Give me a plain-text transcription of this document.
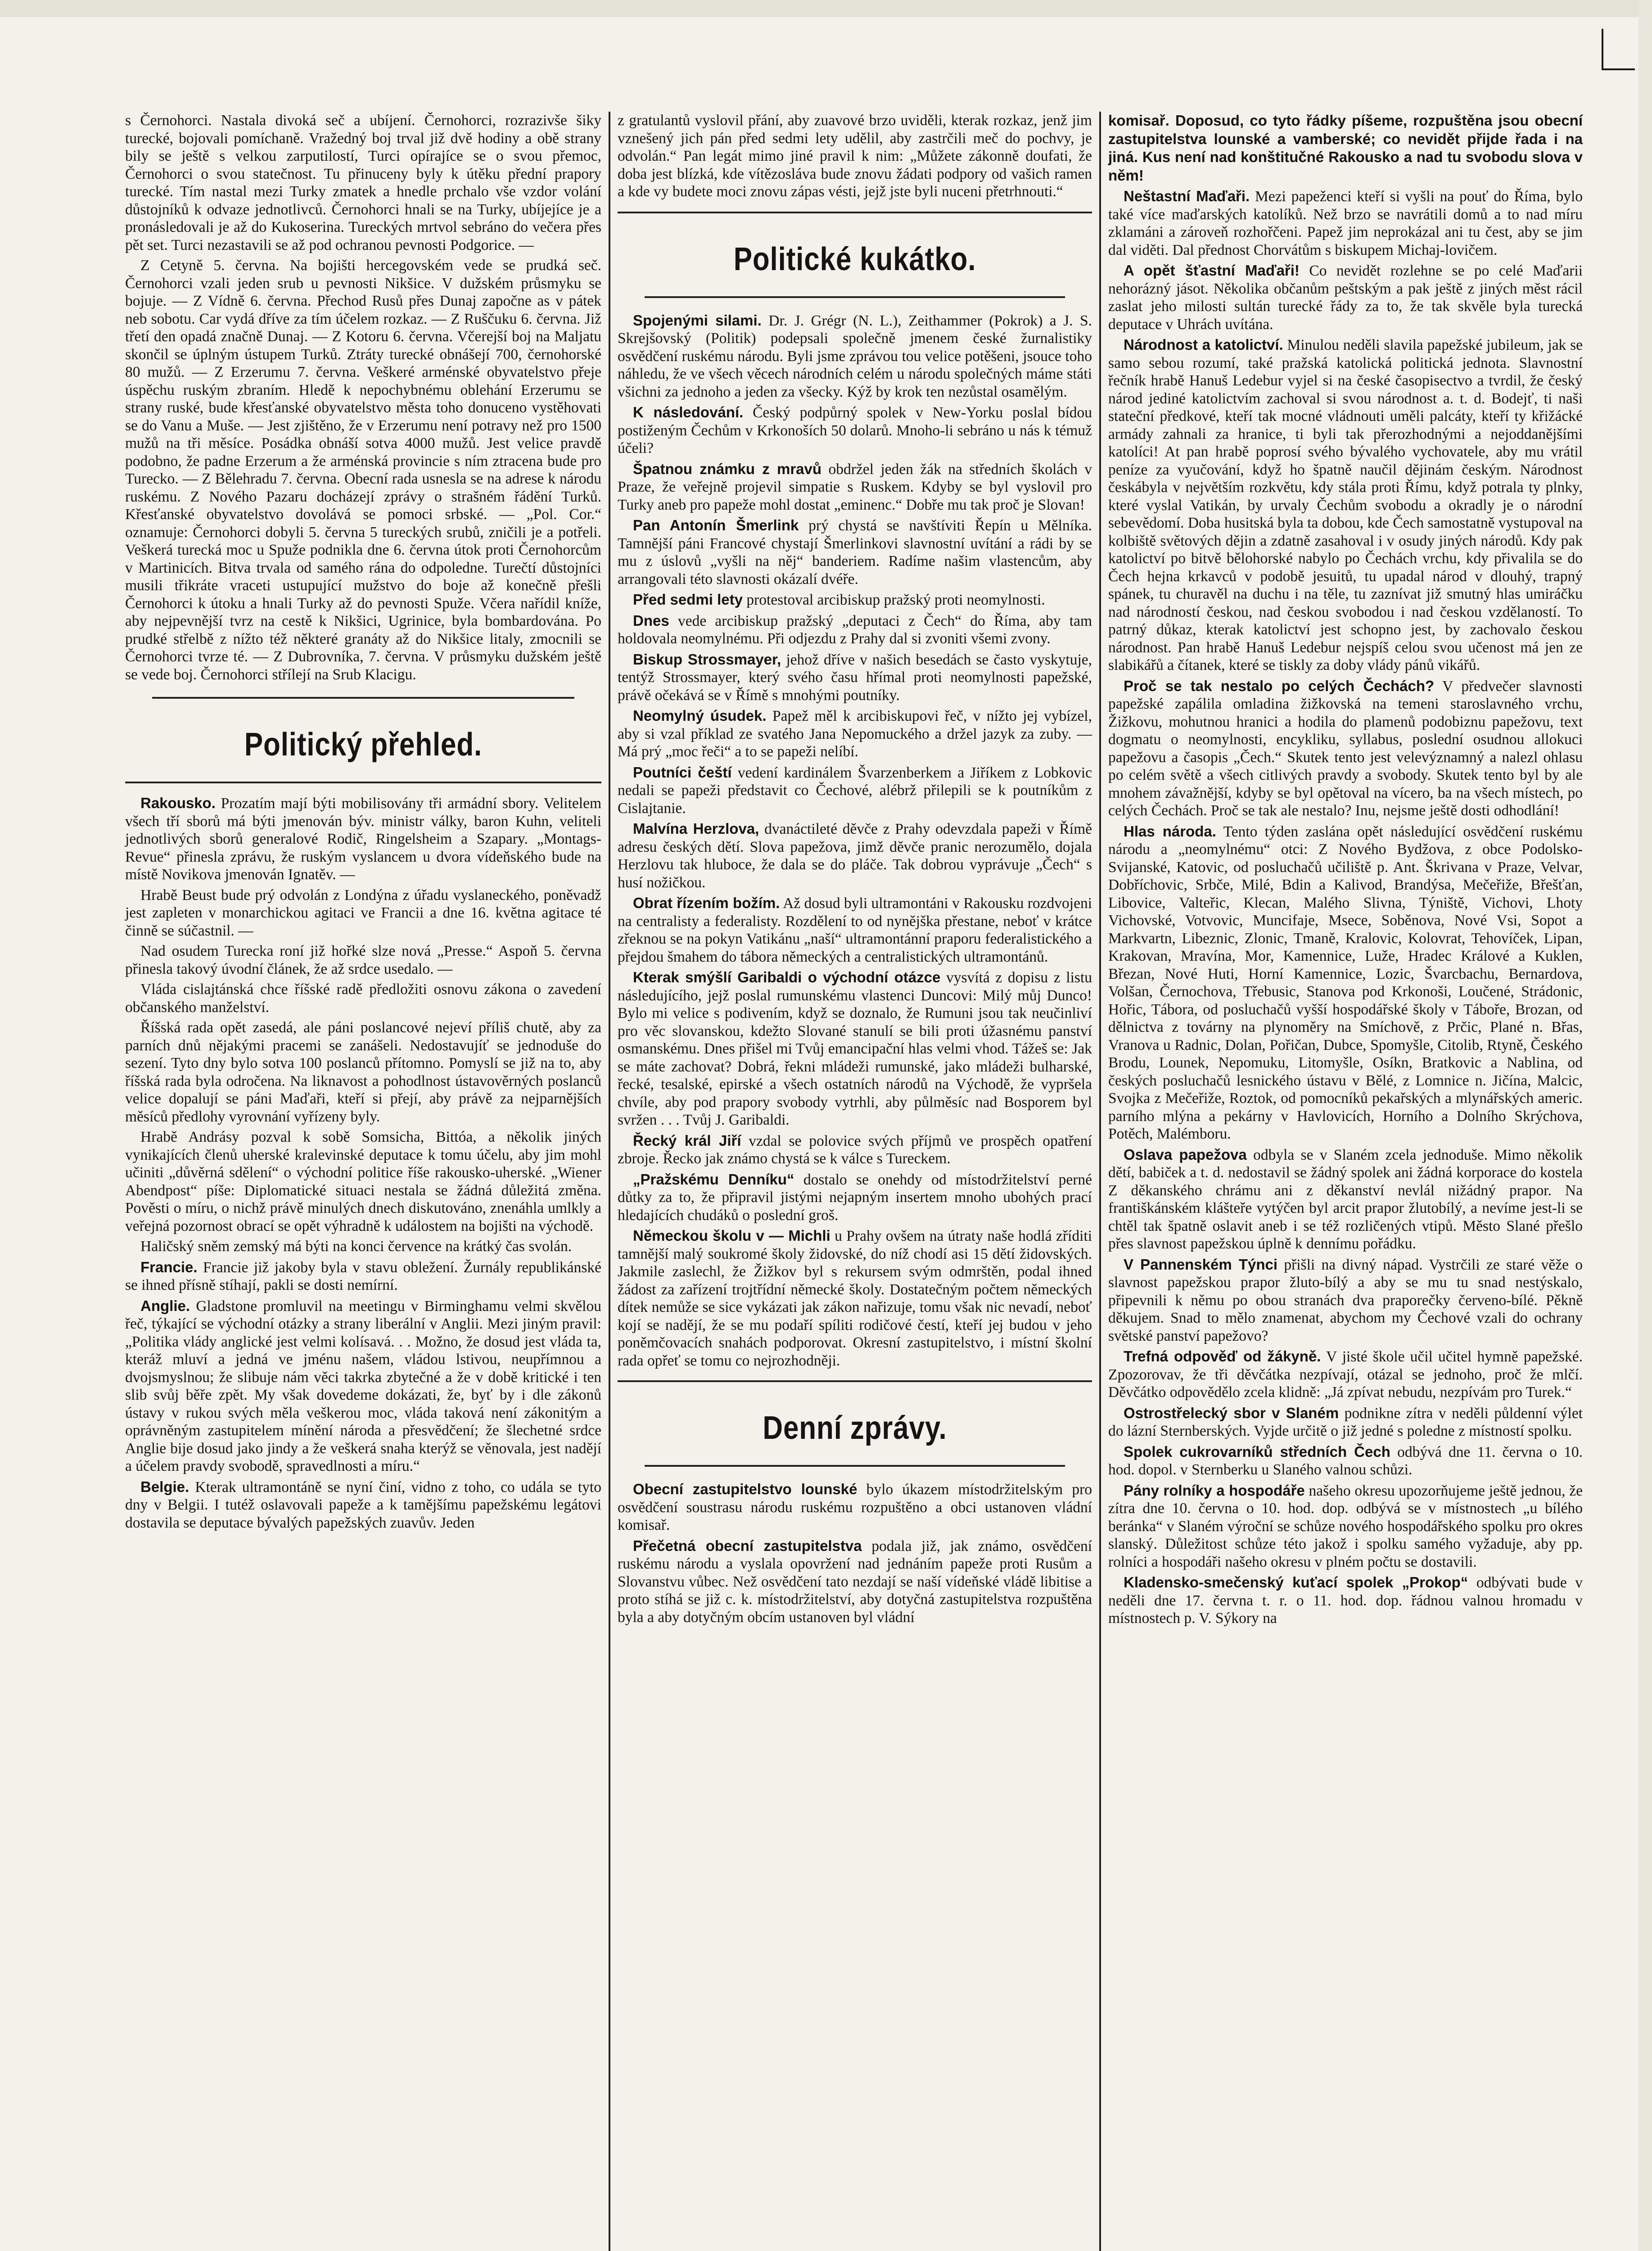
s Černohorci. Nastala divoká seč a ubíjení. Černohorci, rozrazivše šiky turecké, bojovali pomíchaně. Vražedný boj trval již dvě hodiny a obě strany bily se ještě s velkou zarputilostí, Turci opírajíce se o svou přemoc, Černohorci o svou statečnost. Tu přinuceny byly k útěku přední prapory turecké. Tím nastal mezi Turky zmatek a hnedle prchalo vše vzdor volání důstojníků k odvaze jednotlivců. Černohorci hnali se na Turky, ubíjejíce je a pronásledovali je až do Kukoserina. Tureckých mrtvol sebráno do večera přes pět set. Turci nezastavili se až pod ochranou pevnosti Podgorice. —

Z Cetyně 5. června. Na bojišti hercegovském vede se prudká seč. Černohorci vzali jeden srub u pevnosti Nikšice. V dužském průsmyku se bojuje. — Z Vídně 6. června. Přechod Rusů přes Dunaj započne as v pátek neb sobotu. Car vydá dříve za tím účelem rozkaz. — Z Ruščuku 6. června. Již třetí den opadá značně Dunaj. — Z Kotoru 6. června. Včerejší boj na Maljatu skončil se úplným ústupem Turků. Ztráty turecké obnášejí 700, černohorské 80 mužů. — Z Erzerumu 7. června. Veškeré arménské obyvatelstvo přeje úspěchu ruským zbraním. Hledě k nepochybnému oblehání Erzerumu se strany ruské, bude křesťanské obyvatelstvo města toho donuceno vystěhovati se do Vanu a Muše. — Jest zjištěno, že v Erzerumu není potravy než pro 1500 mužů na tři měsíce. Posádka obnáší sotva 4000 mužů. Jest velice pravdě podobno, že padne Erzerum a že arménská provincie s ním ztracena bude pro Turecko. — Z Bělehradu 7. června. Obecní rada usnesla se na adrese k národu ruskému. Z Nového Pazaru docházejí zprávy o strašném řádění Turků. Křesťanské obyvatelstvo dovolává se pomoci srbské. — „Pol. Cor.“ oznamuje: Černohorci dobyli 5. června 5 tureckých srubů, zničili je a potřeli. Veškerá turecká moc u Spuže podnikla dne 6. června útok proti Černohorcům v Martinicích. Bitva trvala od samého rána do odpoledne. Turečtí důstojníci musili třikráte vraceti ustupující mužstvo do boje až konečně přešli Černohorci k útoku a hnali Turky až do pevnosti Spuže. Včera nařídil kníže, aby nejpevnější tvrz na cestě k Nikšici, Ugrinice, byla bombardována. Po prudké střelbě z nížto též některé granáty až do Nikšice litaly, zmocnili se Černohorci tvrze té. — Z Dubrovníka, 7. června. V průsmyku dužském ještě se vede boj. Černohorci střílejí na Srub Klacigu.

Politický přehled.

Rakousko. Prozatím mají býti mobilisovány tři armádní sbory. Velitelem všech tří sborů má býti jmenován býv. ministr války, baron Kuhn, veliteli jednotlivých sborů generalové Rodič, Ringelsheim a Szapary. „Montags-Revue“ přinesla zprávu, že ruským vyslancem u dvora vídeňského bude na místě Novikova jmenován Ignatěv. —

Hrabě Beust bude prý odvolán z Londýna z úřadu vyslaneckého, poněvadž jest zapleten v monarchickou agitaci ve Francii a dne 16. května agitace té činně se súčastnil. —

Nad osudem Turecka roní již hořké slze nová „Presse.“ Aspoň 5. června přinesla takový úvodní článek, že až srdce usedalo. —

Vláda cislajtánská chce říšské radě předložiti osnovu zákona o zavedení občanského manželství.

Říšská rada opět zasedá, ale páni poslancové nejeví příliš chutě, aby za parních dnů nějakými pracemi se zanášeli. Nedostavujíť se jednoduše do sezení. Tyto dny bylo sotva 100 poslanců přítomno. Pomyslí se již na to, aby říšská rada byla odročena. Na liknavost a pohodlnost ústavověrných poslanců velice dopalují se páni Maďaři, kteří si přejí, aby právě za nejparnějších měsíců předlohy vyrovnání vyřízeny byly.

Hrabě Andrásy pozval k sobě Somsicha, Bittóa, a několik jiných vynikajících členů uherské kralevinské deputace k tomu účelu, aby jim mohl učiniti „důvěrná sdělení“ o východní politice říše rakousko-uherské. „Wiener Abendpost“ píše: Diplomatické situaci nestala se žádná důležitá změna. Pověsti o míru, o nichž právě minulých dnech diskutováno, znenáhla umlkly a veřejná pozornost obrací se opět výhradně k událostem na bojišti na východě.

Haličský sněm zemský má býti na konci července na krátký čas svolán.

Francie. Francie již jakoby byla v stavu obležení. Žurnály republikánské se ihned přísně stíhají, pakli se dosti nemírní.

Anglie. Gladstone promluvil na meetingu v Birminghamu velmi skvělou řeč, týkající se východní otázky a strany liberální v Anglii. Mezi jiným pravil: „Politika vlády anglické jest velmi kolísavá. . . Možno, že dosud jest vláda ta, kteráž mluví a jedná ve jménu našem, vládou lstivou, neupřímnou a dvojsmyslnou; že slibuje nám věci takrka zbytečné a že v době kritické i ten slib svůj běře zpět. My však dovedeme dokázati, že, byť by i dle zákonů ústavy v rukou svých měla veškerou moc, vláda taková není zákonitým a oprávněným zastupitelem mínění národa a přesvědčení; že šlechetné srdce Anglie bije dosud jako jindy a že veškerá snaha kterýž se věnovala, jest nadějí a účelem pravdy svobodě, spravedlnosti a míru.“

Belgie. Kterak ultramontáně se nyní činí, vidno z toho, co udála se tyto dny v Belgii. I tutéž oslavovali papeže a k tamějšímu papežskému legátovi dostavila se deputace bývalých papežských zuavův. Jeden

z gratulantů vyslovil přání, aby zuavové brzo uviděli, kterak rozkaz, jenž jim vznešený jich pán před sedmi lety udělil, aby zastrčili meč do pochvy, je odvolán.“ Pan legát mimo jiné pravil k nim: „Můžete zákonně doufati, že doba jest blízká, kde vítězosláva bude znovu žádati podpory od vašich ramen a kde vy budete moci znovu zápas vésti, jejž jste byli nuceni přetrhnouti.“

Politické kukátko.

Spojenými silami. Dr. J. Grégr (N. L.), Zeithammer (Pokrok) a J. S. Skrejšovský (Politik) podepsali společně jmenem české žurnalistiky osvědčení ruskému národu. Byli jsme zprávou tou velice potěšeni, jsouce toho náhledu, že ve všech věcech národních celém u národu společných máme státi všichni za jednoho a jeden za všecky. Kýž by krok ten nezůstal osamělým.

K následování. Český podpůrný spolek v New-Yorku poslal bídou postiženým Čechům v Krkonoších 50 dolarů. Mnoho-li sebráno u nás k témuž účeli?

Špatnou známku z mravů obdržel jeden žák na středních školách v Praze, že veřejně projevil simpatie s Ruskem. Kdyby se byl vyslovil pro Turky aneb pro papeže mohl dostat „eminenc.“ Dobře mu tak proč je Slovan!

Pan Antonín Šmerlink prý chystá se navštíviti Řepín u Mělníka. Tamnější páni Francové chystají Šmerlinkovi slavnostní uvítání a rádi by se mu z úslovů „vyšli na něj“ banderiem. Radíme našim vlastencům, aby arrangovali této slavnosti okázalí dvéře.

Před sedmi lety protestoval arcibiskup pražský proti neomylnosti.

Dnes vede arcibiskup pražský „deputaci z Čech“ do Říma, aby tam holdovala neomylnému. Při odjezdu z Prahy dal si zvoniti všemi zvony.

Biskup Strossmayer, jehož dříve v našich besedách se často vyskytuje, tentýž Strossmayer, který svého času hřímal proti neomylnosti papežské, právě očekává se v Římě s mnohými poutníky.

Neomylný úsudek. Papež měl k arcibiskupovi řeč, v nížto jej vybízel, aby si vzal příklad ze svatého Jana Nepomuckého a držel jazyk za zuby. — Má prý „moc řeči“ a to se papeži nelíbí.

Poutníci čeští vedení kardinálem Švarzenberkem a Jiříkem z Lobkovic nedali se papeži představit co Čechové, alébrž přilepili se k poutníkům z Cislajtanie.

Malvína Herzlova, dvanáctileté děvče z Prahy odevzdala papeži v Římě adresu českých dětí. Slova papežova, jimž děvče pranic nerozumělo, dojala Herzlovu tak hluboce, že dala se do pláče. Tak dobrou vyprávuje „Čech“ s husí nožičkou.

Obrat řízením božím. Až dosud byli ultramontáni v Rakousku rozdvojeni na centralisty a federalisty. Rozdělení to od nynějška přestane, neboť v krátce zřeknou se na pokyn Vatikánu „naší“ ultramontánní praporu federalistického a přejdou šmahem do tábora německých a centralistických ultramontánů.

Kterak smýšlí Garibaldi o východní otázce vysvítá z dopisu z listu následujícího, jejž poslal rumunskému vlastenci Duncovi: Milý můj Dunco! Bylo mi velice s podivením, když se doznalo, že Rumuni jsou tak neučinliví pro věc slovanskou, kdežto Slované stanulí se bili proti úžasnému panství osmanskému. Dnes přišel mi Tvůj emancipační hlas velmi vhod. Tážeš se: Jak se máte zachovat? Dobrá, řekni mládeži rumunské, jako mládeži bulharské, řecké, tesalské, epirské a všech ostatních národů na Východě, že vypršela chvíle, aby pod prapory svobody vytrhli, aby půlměsíc nad Bosporem byl svržen . . . Tvůj J. Garibaldi.

Řecký král Jiří vzdal se polovice svých příjmů ve prospěch opatření zbroje. Řecko jak známo chystá se k válce s Tureckem.

„Pražskému Denníku“ dostalo se onehdy od místodržitelství perné důtky za to, že připravil jistými nejapným insertem mnoho ubohých prací hledajících chudáků o poslední groš.

Německou školu v — Michli u Prahy ovšem na útraty naše hodlá zříditi tamnější malý soukromé školy židovské, do níž chodí asi 15 dětí židovských. Jakmile zaslechl, že Žižkov byl s rekursem svým odmrštěn, podal ihned žádost za zařízení trojtřídní německé školy. Dostatečným počtem německých dítek nemůže se sice vykázati jak zákon nařizuje, tomu však nic nevadí, neboť kojí se nadějí, že se mu podaří spíliti rodičové čestí, kteří jej budou v jeho poněmčovacích snahách podporovat. Okresní zastupitelstvo, i místní školní rada opřeť se tomu co nejrozhodněji.

Denní zprávy.

Obecní zastupitelstvo lounské bylo úkazem místodržitelským pro osvědčení soustrasu národu ruskému rozpuštěno a obci ustanoven vládní komisař.

Přečetná obecní zastupitelstva podala již, jak známo, osvědčení ruskému národu a vyslala opovržení nad jednáním papeže proti Rusům a Slovanstvu vůbec. Než osvědčení tato nezdají se naší vídeňské vládě libitise a proto stíhá se již c. k. místodržitelství, aby dotyčná zastupitelstva rozpuštěna byla a aby dotyčným obcím ustanoven byl vládní

komisař. Doposud, co tyto řádky píšeme, rozpuštěna jsou obecní zastupitelstva lounské a vamberské; co nevidět přijde řada i na jiná. Kus není nad konštitučné Rakousko a nad tu svobodu slova v něm!

Neštastní Maďaři. Mezi papeženci kteří si vyšli na pouť do Říma, bylo také více maďarských katolíků. Než brzo se navrátili domů a to nad míru zklamáni a zároveň rozhořčeni. Papež jim neprokázal ani tu čest, aby se jim dal viděti. Dal přednost Chorvátům s biskupem Michaj-lovičem.

A opět šťastní Maďaři! Co nevidět rozlehne se po celé Maďarii nehorázný jásot. Několika občanům peštským a pak ještě z jiných měst rácil zaslat jeho milosti sultán turecké řády za to, že tak skvěle byla turecká deputace v Uhrách uvítána.

Národnost a katolictví. Minulou neděli slavila papežské jubileum, jak se samo sebou rozumí, také pražská katolická politická jednota. Slavnostní řečník hrabě Hanuš Ledebur vyjel si na české časopisectvo a tvrdil, že český národ jediné katolictvím zachoval si svou národnost a. t. d. Bodejť, ti naši stateční předkové, kteří tak mocné vládnouti uměli palcáty, kteří ty křižácké armády zahnali za hranice, ti byli tak přerozhodnými a nejoddanějšími katolíci! At pan hrabě poprosí svého bývalého vychovatele, aby mu vrátil peníze za vyučování, když ho špatně naučil dějinám českým. Národnost českábyla v největším rozkvětu, kdy stála proti Římu, když potrala ty plnky, které vyslal Vatikán, by urvaly Čechům svobodu a okradly je o národní sebevědomí. Doba husitská byla ta dobou, kde Čech samostatně vystupoval na kolbiště světových dějin a zdatně zasahoval i v osudy jiných národů. Kdy pak katolictví po bitvě bělohorské nabylo po Čechách vrchu, kdy přivalila se do Čech hejna krkavců v podobě jesuitů, tu upadal národ v dlouhý, trapný spánek, tu churavěl na duchu i na těle, tu zaznívat již smutný hlas umiráčku nad národností českou, nad českou svobodou i nad českou vzdělaností. To patrný důkaz, kterak katolictví jest schopno jest, by zachovalo českou národnost. Pan hrabě Hanuš Ledebur nejspíš celou svou učenost má jen ze slabikářů a čítanek, které se tiskly za doby vlády pánů vikářů.

Proč se tak nestalo po celých Čechách? V předvečer slavnosti papežské zapálila omladina žižkovská na temeni staroslavného vrchu, Žižkovu, mohutnou hranici a hodila do plamenů podobiznu papežovu, text dogmatu o neomylnosti, encykliku, syllabus, poslední osudnou allokuci papežovu a časopis „Čech.“ Skutek tento jest velevýznamný a nalezl ohlasu po celém světě a všech citlivých pravdy a svobody. Skutek tento byl by ale mnohem závažnější, kdyby se byl opětoval na vícero, ba na všech místech, po celých Čechách. Proč se tak ale nestalo? Inu, nejsme ještě dosti odhodlání!

Hlas národa. Tento týden zaslána opět následující osvědčení ruskému národu a „neomylnému“ otci: Z Nového Bydžova, z obce Podolsko-Svijanské, Katovic, od posluchačů učiliště p. Ant. Škrivana v Praze, Velvar, Dobříchovic, Srbče, Milé, Bdin a Kalivod, Brandýsa, Mečeřiže, Břešťan, Libovice, Valteřic, Klecan, Malého Slivna, Týniště, Vichovi, Lhoty Vichovské, Votvovic, Muncifaje, Msece, Soběnova, Nové Vsi, Sopot a Markvartn, Libeznic, Zlonic, Tmaně, Kralovic, Kolovrat, Tehovíček, Lipan, Krakovan, Mravína, Mor, Kamennice, Luže, Hradec Králové a Kuklen, Březan, Nové Huti, Horní Kamennice, Lozic, Švarcbachu, Bernardova, Volšan, Černochova, Třebusic, Stanova pod Krkonoši, Loučené, Strádonic, Hořic, Tábora, od posluchačů vyšší hospodářské školy v Táboře, Brozan, od dělnictva z továrny na plynoměry na Smíchově, z Prčic, Plané n. Břas, Vranova u Radnic, Dolan, Pořičan, Dubce, Spomyšle, Citolib, Rtyně, Českého Brodu, Lounek, Nepomuku, Litomyšle, Osíkn, Bratkovic a Nablina, od českých posluchačů lesnického ústavu v Bělé, z Lomnice n. Jičína, Malcic, Svojka z Mečeřiže, Roztok, od pomocníků pekařských a mlynářských americ. parního mlýna a pekárny v Havlovicích, Horního a Dolního Skrýchova, Potěch, Malémboru.

Oslava papežova odbyla se v Slaném zcela jednoduše. Mimo několik dětí, babiček a t. d. nedostavil se žádný spolek ani žádná korporace do kostela Z děkanského chrámu ani z děkanství nevlál nižádný prapor. Na františkánském klášteře vytýčen byl arcit prapor žlutobílý, a nevíme jest-li se chtěl tak špatně oslavit aneb i se též rozličených vtipů. Město Slané přešlo přes slavnost papežskou úplně k dennímu pořádku.

V Pannenském Týnci přišli na divný nápad. Vystrčili ze staré věže o slavnost papežskou prapor žluto-bílý a aby se mu tu snad nestýskalo, připevnili k němu po obou stranách dva praporečky červeno-bílé. Pěkně děkujem. Snad to mělo znamenat, abychom my Čechové vzali do ochrany světské panství papežovo?

Trefná odpověď od žákyně. V jisté škole učil učitel hymně papežské. Zpozorovav, že tři děvčátka nezpívají, otázal se jednoho, proč že mlčí. Děvčátko odpovědělo zcela klidně: „Já zpívat nebudu, nezpívám pro Turek.“

Ostrostřelecký sbor v Slaném podnikne zítra v neděli půldenní výlet do lázní Sternberských. Vyjde určitě o již jedné s poledne z místností spolku.

Spolek cukrovarníků středních Čech odbývá dne 11. června o 10. hod. dopol. v Sternberku u Slaného valnou schůzi.

Pány rolníky a hospodáře našeho okresu upozorňujeme ještě jednou, že zítra dne 10. června o 10. hod. dop. odbývá se v místnostech „u bílého beránka“ v Slaném výroční se schůze nového hospodářského spolku pro okres slanský. Důležitost schůze této jakož i spolku samého vyžaduje, aby pp. rolníci a hospodáři našeho okresu v plném počtu se dostavili.

Kladensko-smečenský kuťací spolek „Prokop“ odbývati bude v neděli dne 17. června t. r. o 11. hod. dop. řádnou valnou hromadu v místnostech p. V. Sýkory na
